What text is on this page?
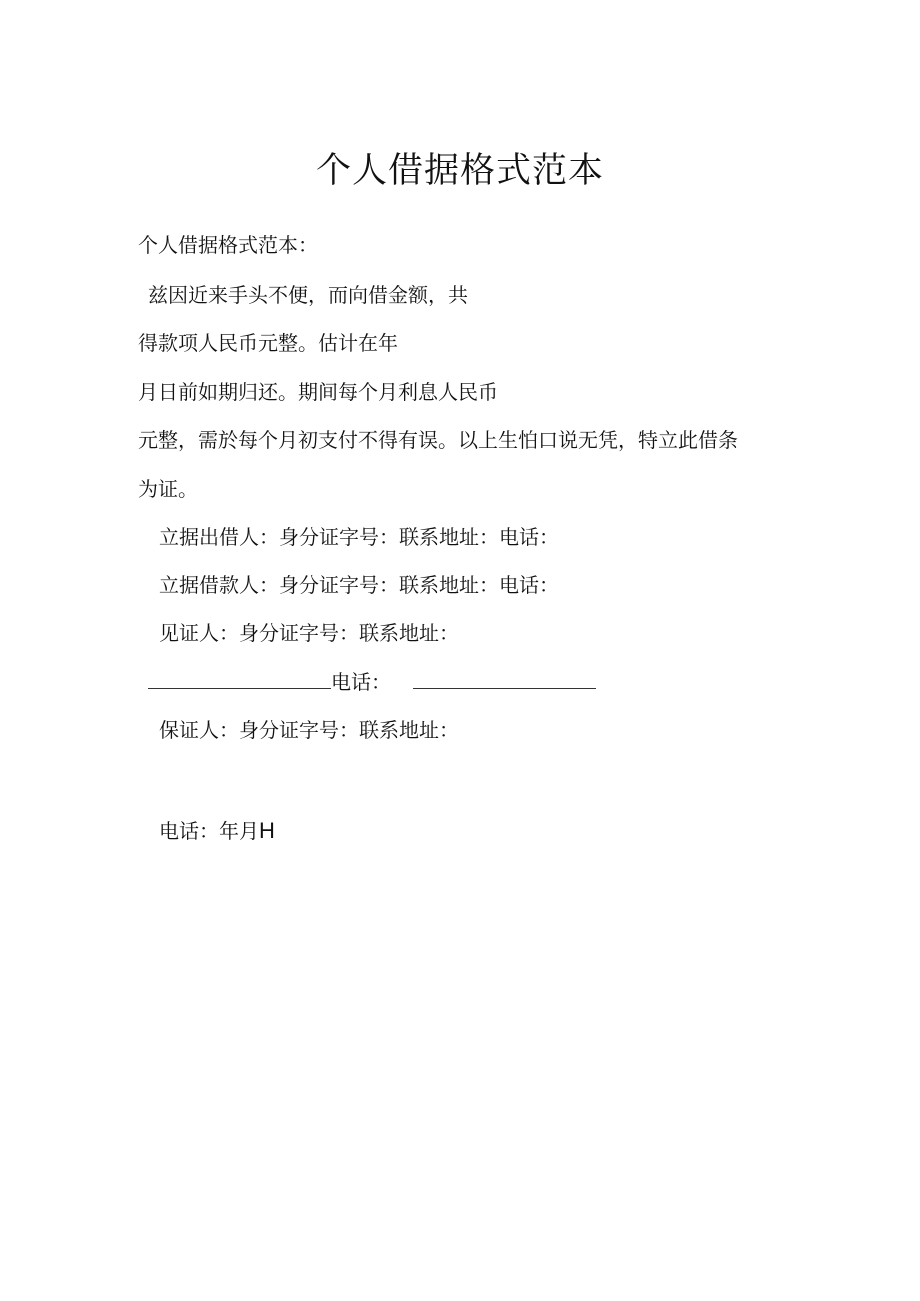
个人借据格式范本
个人借据格式范本：
兹因近来手头不便，而向借金额，共
得款项人民币元整。估计在年
月日前如期归还。期间每个月利息人民币
元整，需於每个月初支付不得有误。以上生怕口说无凭，特立此借条
为证。
立据出借人：身分证字号：联系地址：电话：
立据借款人：身分证字号：联系地址：电话：
见证人：身分证字号：联系地址：
电话：
保证人：身分证字号：联系地址：
电话：年月H
